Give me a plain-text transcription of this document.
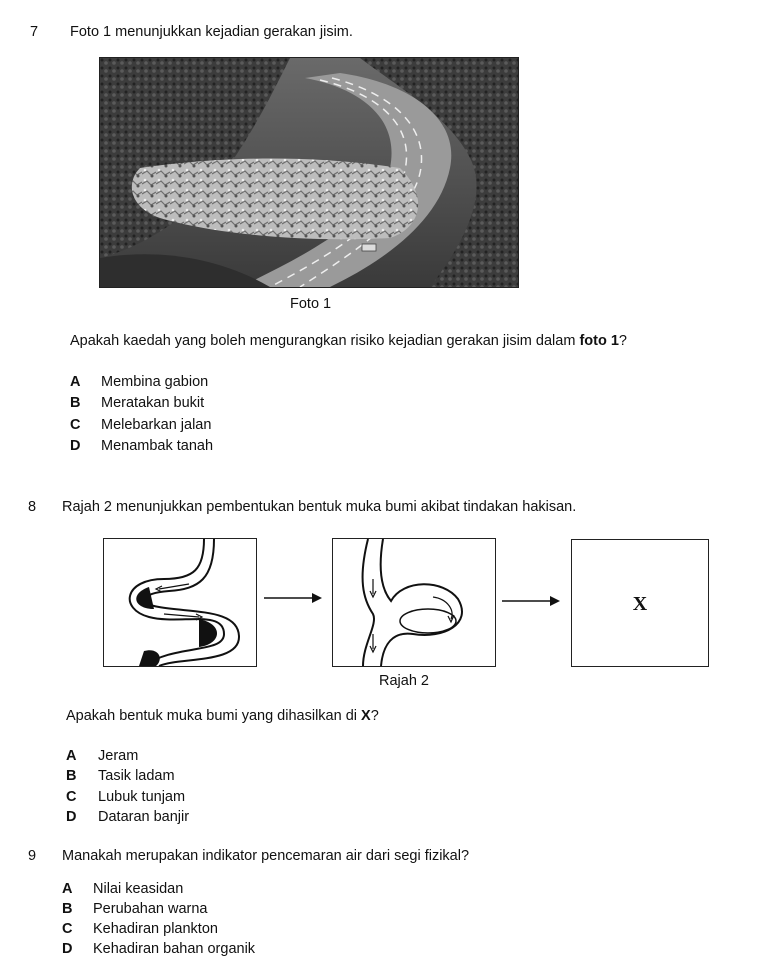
7 Foto 1 menunjukkan kejadian gerakan jisim.
Foto 1
Apakah kaedah yang boleh mengurangkan risiko kejadian gerakan jisim dalam foto 1?
A Membina gabion
B Meratakan bukit
C Melebarkan jalan
D Menambak tanah
8 Rajah 2 menunjukkan pembentukan bentuk muka bumi akibat tindakan hakisan.
X
Rajah 2
Apakah bentuk muka bumi yang dihasilkan di X?
A Jeram
B Tasik ladam
C Lubuk tunjam
D Dataran banjir
9 Manakah merupakan indikator pencemaran air dari segi fizikal?
A Nilai keasidan
B Perubahan warna
C Kehadiran plankton
D Kehadiran bahan organik
